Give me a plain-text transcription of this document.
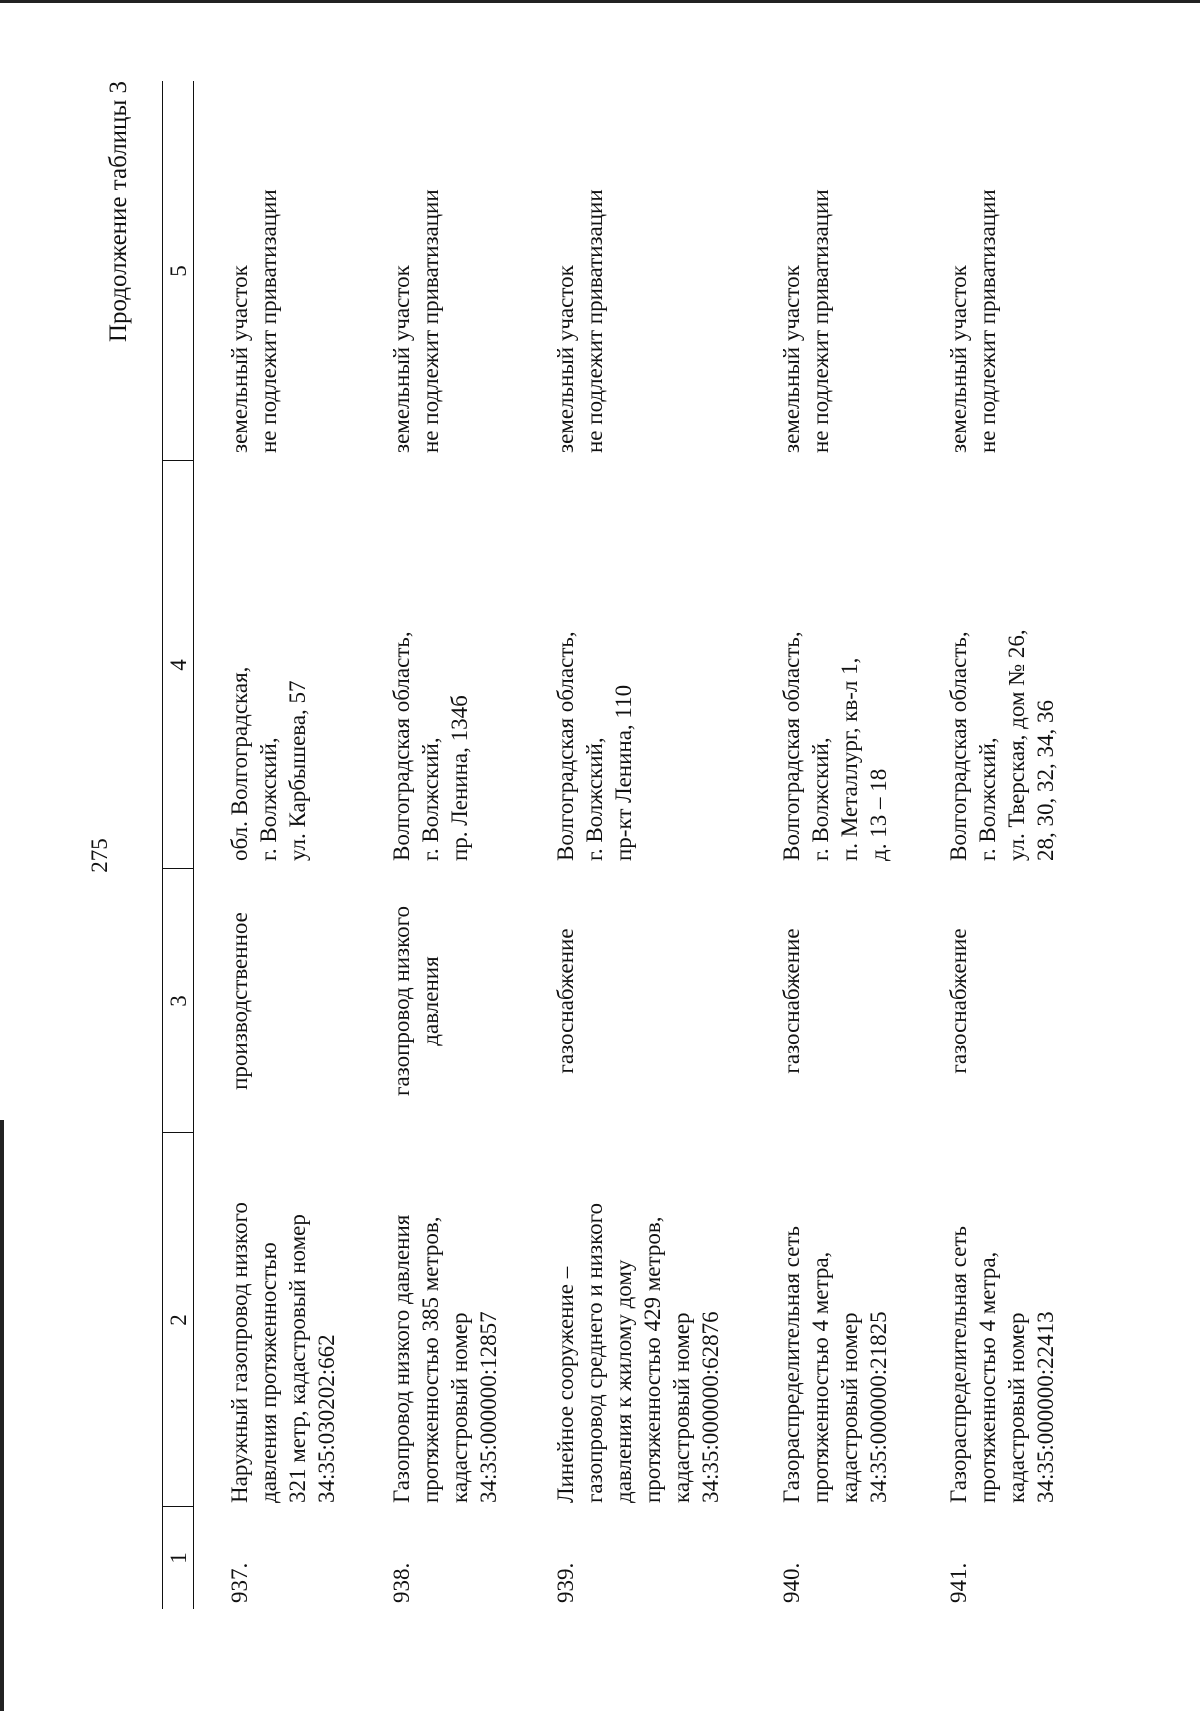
275
Продолжение таблицы 3
1
2
3
4
5
937.
Наружный газопровод низкого
давления протяженностью
321 метр, кадастровый номер
34:35:030202:662
производственное
обл. Волгоградская,
г. Волжский,
ул. Карбышева, 57
земельный участок
не подлежит приватизации
938.
Газопровод низкого давления
протяженностью 385 метров,
кадастровый номер
34:35:000000:12857
газопровод низкого
давления
Волгоградская область,
г. Волжский,
пр. Ленина, 134б
земельный участок
не подлежит приватизации
939.
Линейное сооружение –
газопровод среднего и низкого
давления к жилому дому
протяженностью 429 метров,
кадастровый номер
34:35:000000:62876
газоснабжение
Волгоградская область,
г. Волжский,
пр-кт Ленина, 110
земельный участок
не подлежит приватизации
940.
Газораспределительная сеть
протяженностью 4 метра,
кадастровый номер
34:35:000000:21825
газоснабжение
Волгоградская область,
г. Волжский,
п. Металлург, кв-л 1,
д. 13 – 18
земельный участок
не подлежит приватизации
941.
Газораспределительная сеть
протяженностью 4 метра,
кадастровый номер
34:35:000000:22413
газоснабжение
Волгоградская область,
г. Волжский,
ул. Тверская, дом № 26,
28, 30, 32, 34, 36
земельный участок
не подлежит приватизации
